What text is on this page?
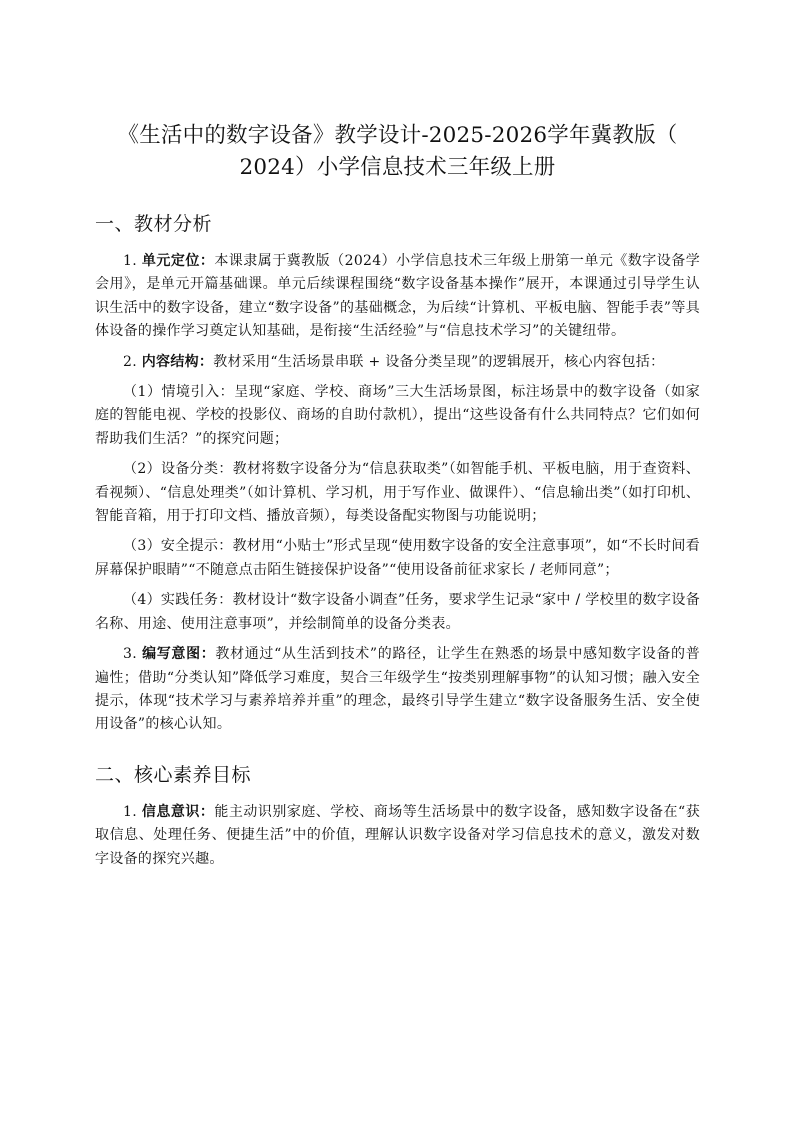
《生活中的数字设备》教学设计-2025-2026学年冀教版（
2024）小学信息技术三年级上册
一、教材分析

1. 单元定位：本课隶属于冀教版（2024）小学信息技术三年级上册第一单元《数字设备学会用》，是单元开篇基础课。单元后续课程围绕“数字设备基本操作”展开，本课通过引导学生认识生活中的数字设备，建立“数字设备”的基础概念，为后续“计算机、平板电脑、智能手表”等具体设备的操作学习奠定认知基础，是衔接“生活经验”与“信息技术学习”的关键纽带。

2. 内容结构：教材采用“生活场景串联 + 设备分类呈现”的逻辑展开，核心内容包括：

（1）情境引入：呈现“家庭、学校、商场”三大生活场景图，标注场景中的数字设备（如家庭的智能电视、学校的投影仪、商场的自助付款机），提出“这些设备有什么共同特点？它们如何帮助我们生活？”的探究问题；

（2）设备分类：教材将数字设备分为“信息获取类”（如智能手机、平板电脑，用于查资料、看视频）、“信息处理类”（如计算机、学习机，用于写作业、做课件）、“信息输出类”（如打印机、智能音箱，用于打印文档、播放音频），每类设备配实物图与功能说明；

（3）安全提示：教材用“小贴士”形式呈现“使用数字设备的安全注意事项”，如“不长时间看屏幕保护眼睛”“不随意点击陌生链接保护设备”“使用设备前征求家长 / 老师同意”；

（4）实践任务：教材设计“数字设备小调查”任务，要求学生记录“家中 / 学校里的数字设备名称、用途、使用注意事项”，并绘制简单的设备分类表。

3. 编写意图：教材通过“从生活到技术”的路径，让学生在熟悉的场景中感知数字设备的普遍性；借助“分类认知”降低学习难度，契合三年级学生“按类别理解事物”的认知习惯；融入安全提示，体现“技术学习与素养培养并重”的理念，最终引导学生建立“数字设备服务生活、安全使用设备”的核心认知。

二、核心素养目标

1. 信息意识：能主动识别家庭、学校、商场等生活场景中的数字设备，感知数字设备在“获取信息、处理任务、便捷生活”中的价值，理解认识数字设备对学习信息技术的意义，激发对数字设备的探究兴趣。
